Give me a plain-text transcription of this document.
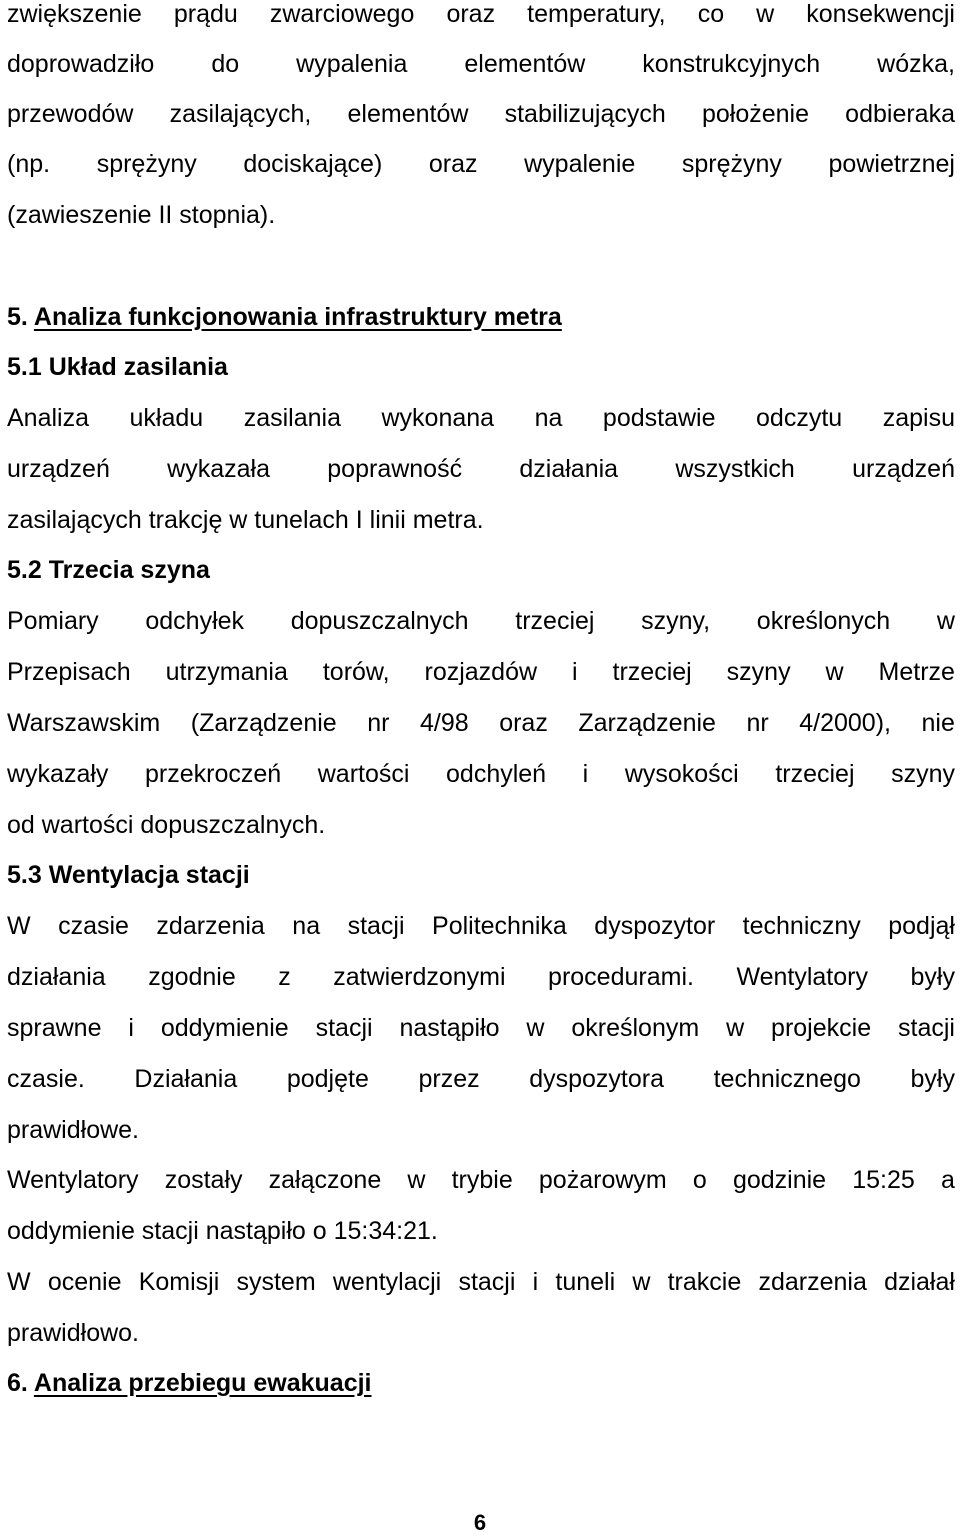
zwiększenie prądu zwarciowego oraz temperatury, co w konsekwencji
doprowadziło do wypalenia elementów konstrukcyjnych wózka,
przewodów zasilających, elementów stabilizujących położenie odbieraka
(np. sprężyny dociskające) oraz wypalenie sprężyny powietrznej
(zawieszenie II stopnia).
5. Analiza funkcjonowania infrastruktury metra
5.1 Układ zasilania
Analiza układu zasilania wykonana na podstawie odczytu zapisu
urządzeń wykazała poprawność działania wszystkich urządzeń
zasilających trakcję w tunelach I linii metra.
5.2 Trzecia szyna
Pomiary odchyłek dopuszczalnych trzeciej szyny, określonych w
Przepisach utrzymania torów, rozjazdów i trzeciej szyny w Metrze
Warszawskim (Zarządzenie nr 4/98 oraz Zarządzenie nr 4/2000), nie
wykazały przekroczeń wartości odchyleń i wysokości trzeciej szyny
od wartości dopuszczalnych.
5.3 Wentylacja stacji
W czasie zdarzenia na stacji Politechnika dyspozytor techniczny podjął
działania zgodnie z zatwierdzonymi procedurami. Wentylatory były
sprawne i oddymienie stacji nastąpiło w określonym w projekcie stacji
czasie. Działania podjęte przez dyspozytora technicznego były
prawidłowe.
Wentylatory zostały załączone w trybie pożarowym o godzinie 15:25 a
oddymienie stacji nastąpiło o 15:34:21.
W ocenie Komisji system wentylacji stacji i tuneli w trakcie zdarzenia działał
prawidłowo.
6. Analiza przebiegu ewakuacji
6
